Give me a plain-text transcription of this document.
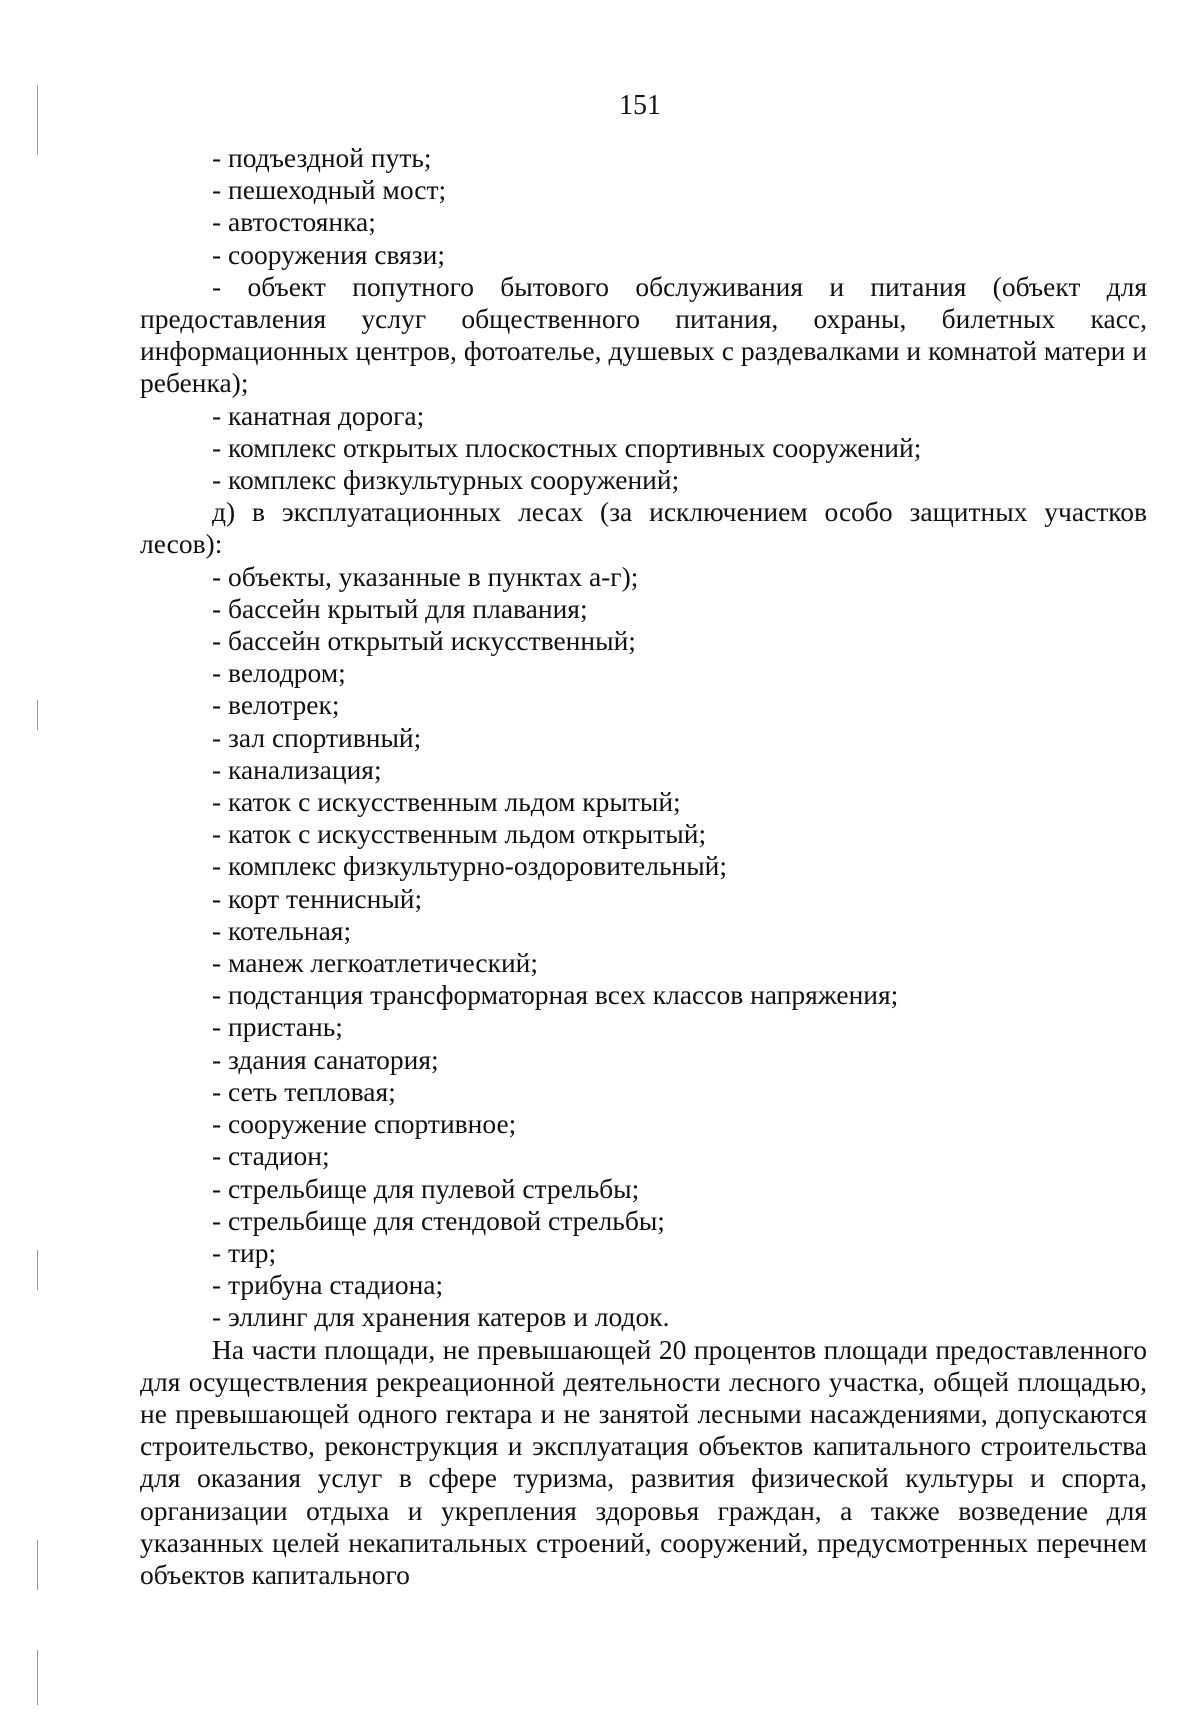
151

- подъездной путь;

- пешеходный мост;

- автостоянка;

- сооружения связи;

- объект попутного бытового обслуживания и питания (объект для предоставления услуг общественного питания, охраны, билетных касс, информационных центров, фотоателье, душевых с раздевалками и комнатой матери и ребенка);

- канатная дорога;

- комплекс открытых плоскостных спортивных сооружений;

- комплекс физкультурных сооружений;

д) в эксплуатационных лесах (за исключением особо защитных участков лесов):

- объекты, указанные в пунктах а-г);

- бассейн крытый для плавания;

- бассейн открытый искусственный;

- велодром;

- велотрек;

- зал спортивный;

- канализация;

- каток с искусственным льдом крытый;

- каток с искусственным льдом открытый;

- комплекс физкультурно-оздоровительный;

- корт теннисный;

- котельная;

- манеж легкоатлетический;

- подстанция трансформаторная всех классов напряжения;

- пристань;

- здания санатория;

- сеть тепловая;

- сооружение спортивное;

- стадион;

- стрельбище для пулевой стрельбы;

- стрельбище для стендовой стрельбы;

- тир;

- трибуна стадиона;

- эллинг для хранения катеров и лодок.

На части площади, не превышающей 20 процентов площади предоставленного для осуществления рекреационной деятельности лесного участка, общей площадью, не превышающей одного гектара и не занятой лесными насаждениями, допускаются строительство, реконструкция и эксплуатация объектов капитального строительства для оказания услуг в сфере туризма, развития физической культуры и спорта, организации отдыха и укрепления здоровья граждан, а также возведение для указанных целей некапитальных строений, сооружений, предусмотренных перечнем объектов капитального
